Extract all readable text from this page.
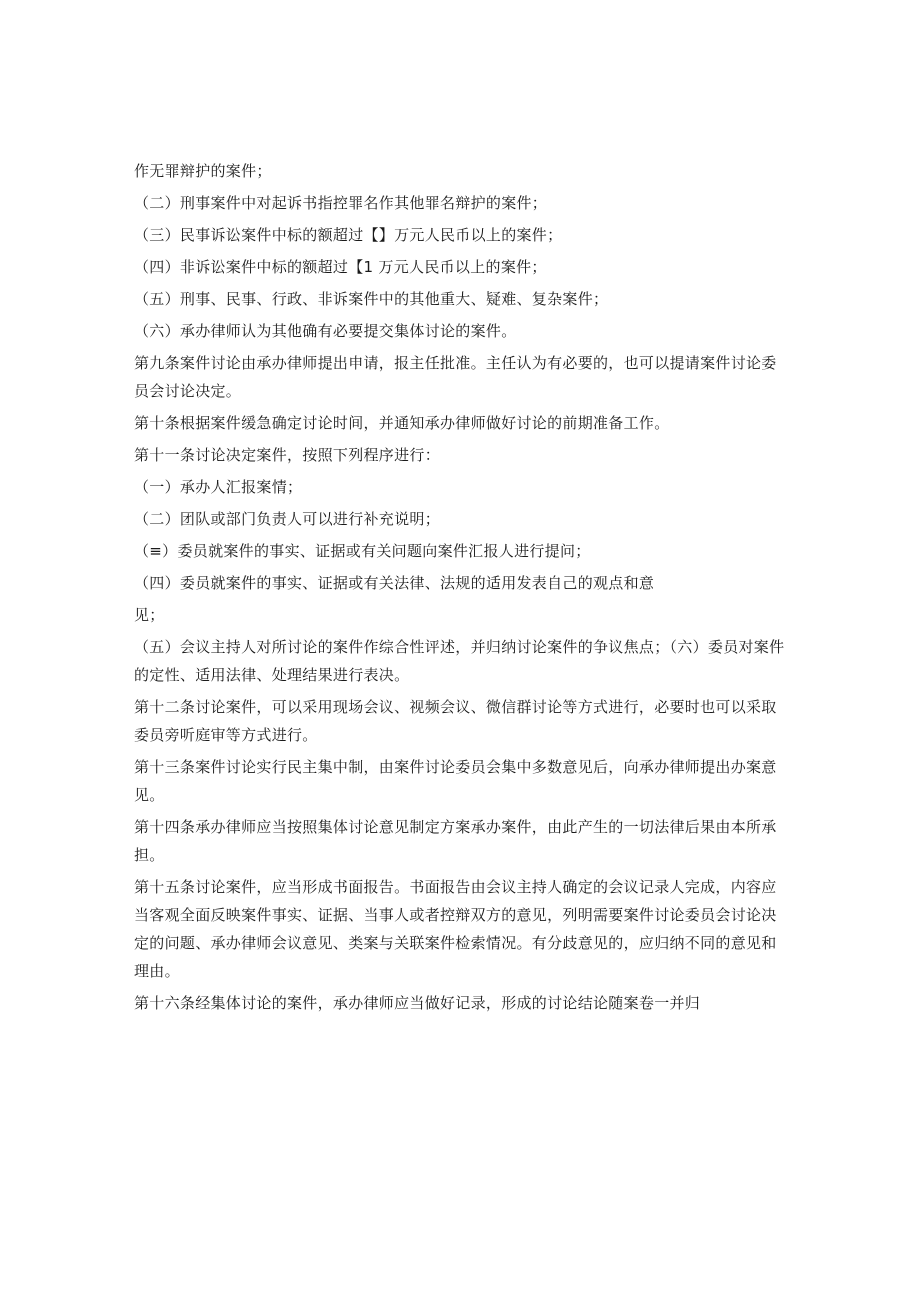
作无罪辩护的案件；

（二）刑事案件中对起诉书指控罪名作其他罪名辩护的案件；

（三）民事诉讼案件中标的额超过【】万元人民币以上的案件；

（四）非诉讼案件中标的额超过【1 万元人民币以上的案件；

（五）刑事、民事、行政、非诉案件中的其他重大、疑难、复杂案件；

（六）承办律师认为其他确有必要提交集体讨论的案件。

第九条案件讨论由承办律师提出申请，报主任批准。主任认为有必要的，也可以提请案件讨论委员会讨论决定。

第十条根据案件缓急确定讨论时间，并通知承办律师做好讨论的前期准备工作。

第十一条讨论决定案件，按照下列程序进行：

（一）承办人汇报案情；

（二）团队或部门负责人可以进行补充说明；

（≡）委员就案件的事实、证据或有关问题向案件汇报人进行提问；

（四）委员就案件的事实、证据或有关法律、法规的适用发表自己的观点和意

见；

（五）会议主持人对所讨论的案件作综合性评述，并归纳讨论案件的争议焦点；（六）委员对案件的定性、适用法律、处理结果进行表决。

第十二条讨论案件，可以采用现场会议、视频会议、微信群讨论等方式进行，必要时也可以采取委员旁听庭审等方式进行。

第十三条案件讨论实行民主集中制，由案件讨论委员会集中多数意见后，向承办律师提出办案意见。

第十四条承办律师应当按照集体讨论意见制定方案承办案件，由此产生的一切法律后果由本所承担。

第十五条讨论案件，应当形成书面报告。书面报告由会议主持人确定的会议记录人完成，内容应当客观全面反映案件事实、证据、当事人或者控辩双方的意见，列明需要案件讨论委员会讨论决定的问题、承办律师会议意见、类案与关联案件检索情况。有分歧意见的，应归纳不同的意见和理由。

第十六条经集体讨论的案件，承办律师应当做好记录，形成的讨论结论随案卷一并归
